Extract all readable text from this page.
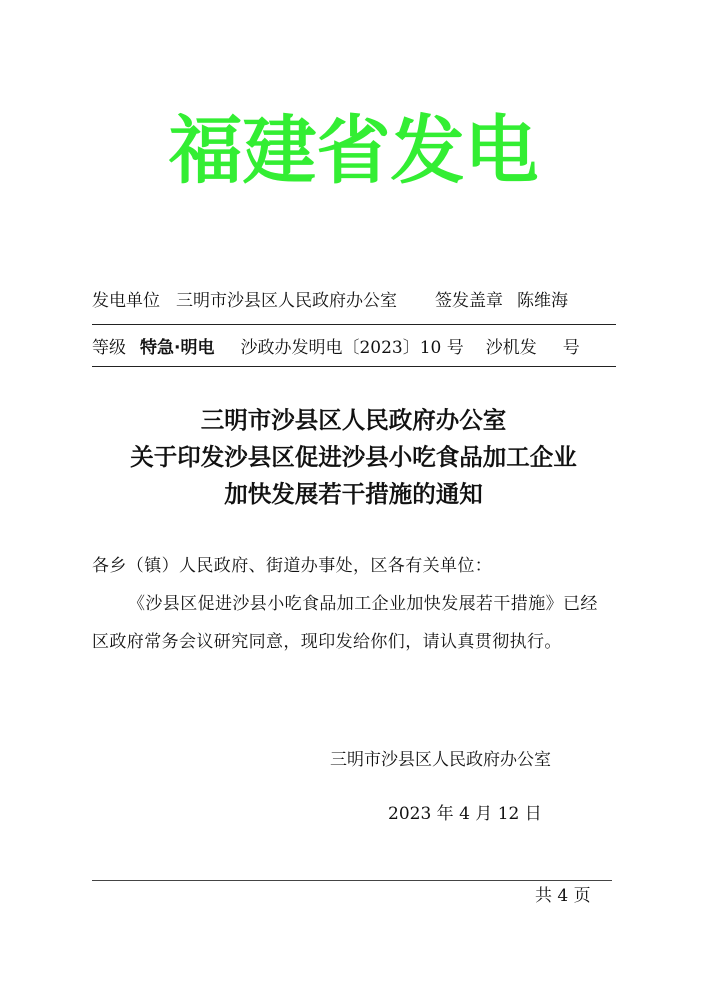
福建省发电
发电单位 三明市沙县区人民政府办公室 签发盖章 陈维海
等级 特急·明电 沙政办发明电〔2023〕10 号 沙机发 号
三明市沙县区人民政府办公室
关于印发沙县区促进沙县小吃食品加工企业
加快发展若干措施的通知
各乡（镇）人民政府、街道办事处，区各有关单位：
《沙县区促进沙县小吃食品加工企业加快发展若干措施》已经
区政府常务会议研究同意，现印发给你们，请认真贯彻执行。
三明市沙县区人民政府办公室
2023 年 4 月 12 日
共 4 页
